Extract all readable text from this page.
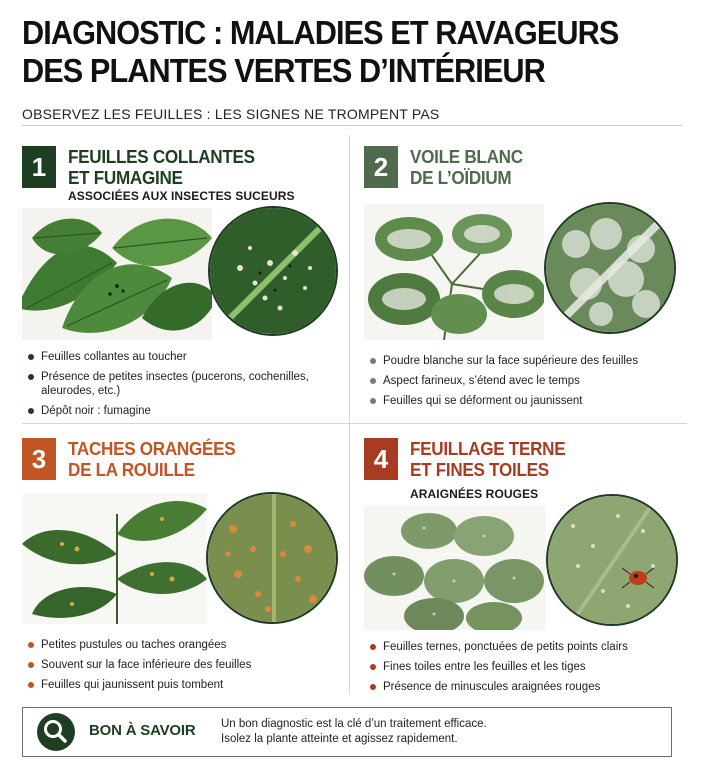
DIAGNOSTIC : MALADIES ET RAVAGEURS
DES PLANTES VERTES D’INTÉRIEUR
OBSERVEZ LES FEUILLES : LES SIGNES NE TROMPENT PAS
1	FEUILLES COLLANTES
ET FUMAGINE
ASSOCIÉES AUX INSECTES SUCEURS
Feuilles collantes au toucher
Présence de petites insectes (pucerons, cochenilles, aleurodes, etc.)
Dépôt noir : fumagine
2	VOILE BLANC
DE L’OÏDIUM
Poudre blanche sur la face supérieure des feuilles
Aspect farineux, s’étend avec le temps
Feuilles qui se déforment ou jaunissent
3	TACHES ORANGÉES
DE LA ROUILLE
Petites pustules ou taches orangées
Souvent sur la face inférieure des feuilles
Feuilles qui jaunissent puis tombent
4	FEUILLAGE TERNE
ET FINES TOILES
ARAIGNÉES ROUGES
Feuilles ternes, ponctuées de petits points clairs
Fines toiles entre les feuilles et les tiges
Présence de minuscules araignées rouges
BON À SAVOIR Un bon diagnostic est la clé d’un traitement efficace.
Isolez la plante atteinte et agissez rapidement.
